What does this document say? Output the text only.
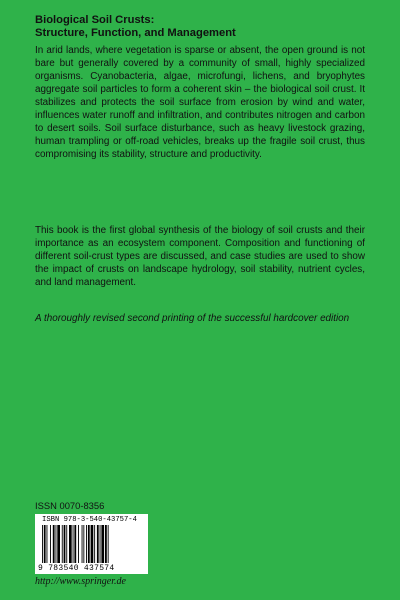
Biological Soil Crusts:
Structure, Function, and Management
In arid lands, where vegetation is sparse or absent, the open ground is not bare but generally covered by a community of small, highly specialized organisms. Cyanobacteria, algae, microfungi, lichens, and bryophytes aggregate soil particles to form a coherent skin – the biological soil crust. It stabilizes and protects the soil surface from erosion by wind and water, influences water runoff and infiltration, and contributes nitrogen and carbon to desert soils. Soil surface disturbance, such as heavy livestock grazing, human trampling or off-road vehicles, breaks up the fragile soil crust, thus compromising its stability, structure and productivity.
This book is the first global synthesis of the biology of soil crusts and their importance as an ecosystem component. Composition and functioning of different soil-crust types are discussed, and case studies are used to show the impact of crusts on landscape hydrology, soil stability, nutrient cycles, and land management.
A thoroughly revised second printing of the successful hardcover edition
ISSN 0070-8356
ISBN 978-3-540-43757-4
9 783540 437574
http://www.springer.de
